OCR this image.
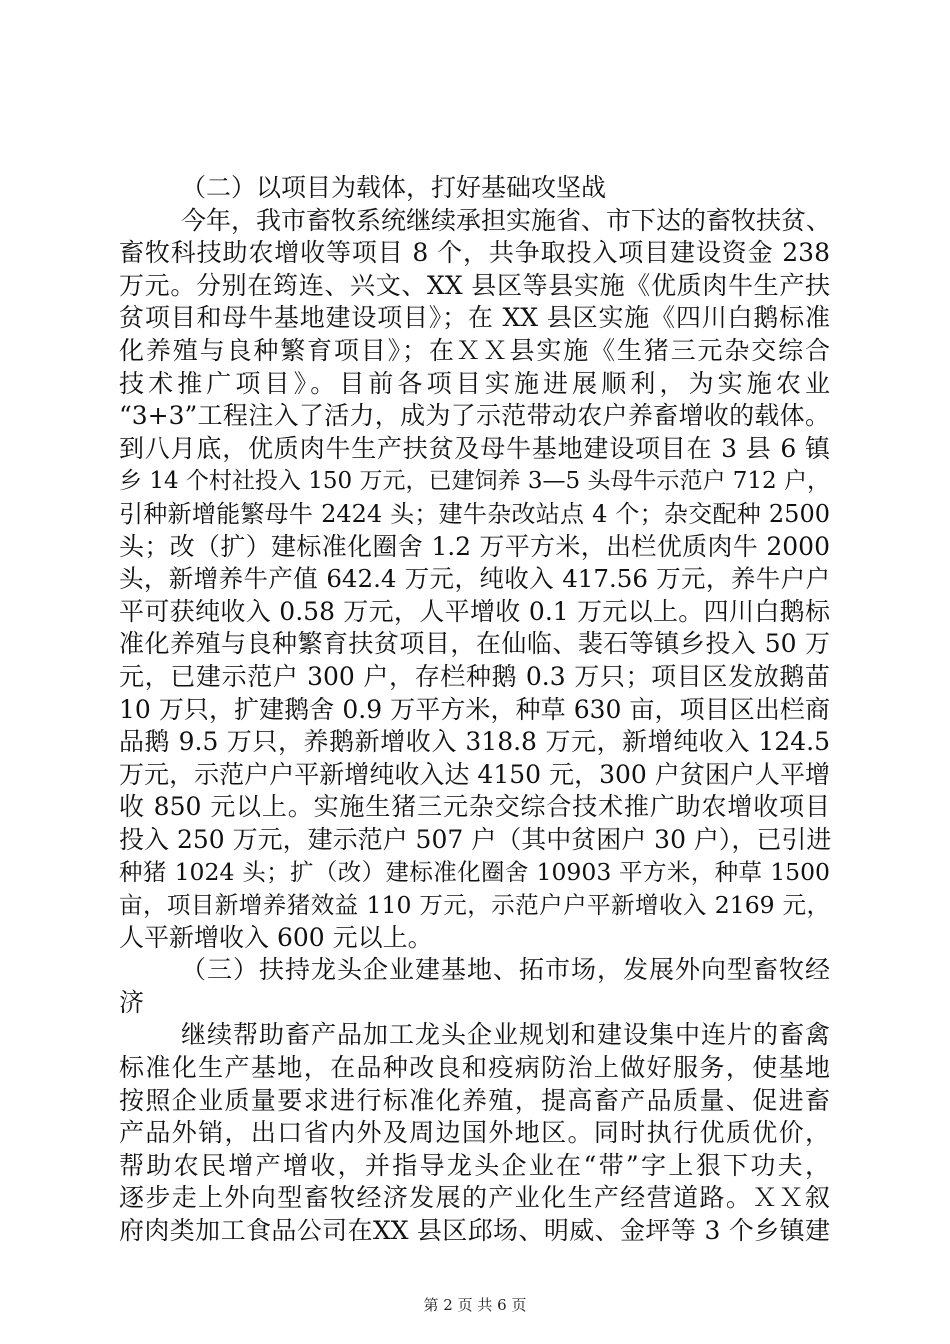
（二）以项目为载体，打好基础攻坚战
今年，我市畜牧系统继续承担实施省、市下达的畜牧扶贫、
畜牧科技助农增收等项目 8 个，共争取投入项目建设资金 238
万元。分别在筠连、兴文、XX 县区等县实施《优质肉牛生产扶
贫项目和母牛基地建设项目》；在 XX 县区实施《四川白鹅标准
化养殖与良种繁育项目》；在ＸＸ县实施《生猪三元杂交综合
技术推广项目》。目前各项目实施进展顺利，为实施农业
“3+3”工程注入了活力，成为了示范带动农户养畜增收的载体。
到八月底，优质肉牛生产扶贫及母牛基地建设项目在 3 县 6 镇
乡 14 个村社投入 150 万元，已建饲养 3—5 头母牛示范户 712 户，
引种新增能繁母牛 2424 头；建牛杂改站点 4 个；杂交配种 2500
头；改（扩）建标准化圈舍 1.2 万平方米，出栏优质肉牛 2000
头，新增养牛产值 642.4 万元，纯收入 417.56 万元，养牛户户
平可获纯收入 0.58 万元，人平增收 0.1 万元以上。四川白鹅标
准化养殖与良种繁育扶贫项目，在仙临、裴石等镇乡投入 50 万
元，已建示范户 300 户，存栏种鹅 0.3 万只；项目区发放鹅苗
10 万只，扩建鹅舍 0.9 万平方米，种草 630 亩，项目区出栏商
品鹅 9.5 万只，养鹅新增收入 318.8 万元，新增纯收入 124.5
万元，示范户户平新增纯收入达 4150 元，300 户贫困户人平增
收 850 元以上。实施生猪三元杂交综合技术推广助农增收项目
投入 250 万元，建示范户 507 户（其中贫困户 30 户），已引进
种猪 1024 头；扩（改）建标准化圈舍 10903 平方米，种草 1500
亩，项目新增养猪效益 110 万元，示范户户平新增收入 2169 元，
人平新增收入 600 元以上。
（三）扶持龙头企业建基地、拓市场，发展外向型畜牧经
济
继续帮助畜产品加工龙头企业规划和建设集中连片的畜禽
标准化生产基地，在品种改良和疫病防治上做好服务，使基地
按照企业质量要求进行标准化养殖，提高畜产品质量、促进畜
产品外销，出口省内外及周边国外地区。同时执行优质优价，
帮助农民增产增收，并指导龙头企业在“带”字上狠下功夫，
逐步走上外向型畜牧经济发展的产业化生产经营道路。ＸＸ叙
府肉类加工食品公司在XX 县区邱场、明威、金坪等 3 个乡镇建
第 2 页 共 6 页
